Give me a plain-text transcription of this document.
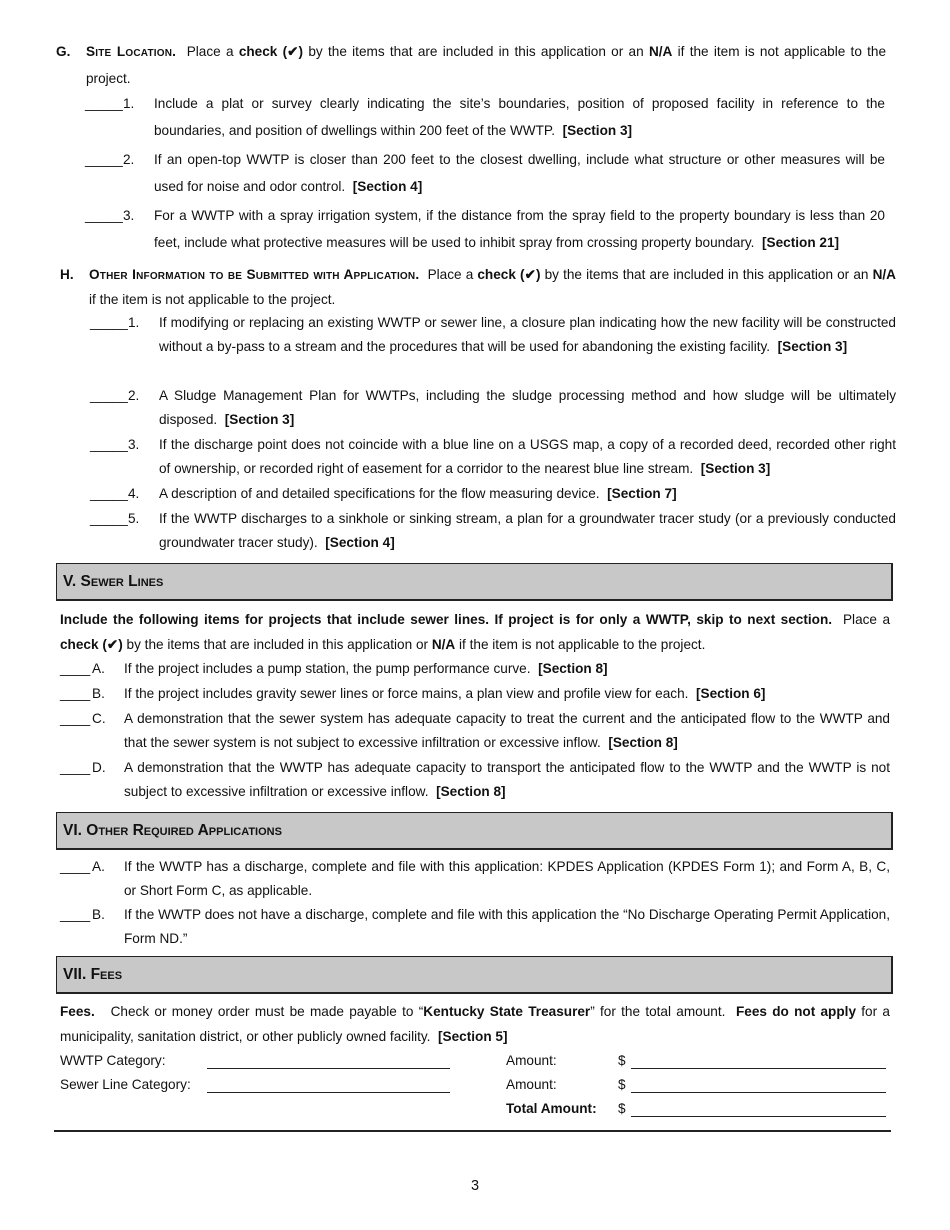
G. Site Location. Place a check (✔) by the items that are included in this application or an N/A if the item is not applicable to the project.
_____ 1. Include a plat or survey clearly indicating the site’s boundaries, position of proposed facility in reference to the boundaries, and position of dwellings within 200 feet of the WWTP. [Section 3]
_____ 2. If an open-top WWTP is closer than 200 feet to the closest dwelling, include what structure or other measures will be used for noise and odor control. [Section 4]
_____ 3. For a WWTP with a spray irrigation system, if the distance from the spray field to the property boundary is less than 20 feet, include what protective measures will be used to inhibit spray from crossing property boundary. [Section 21]
H. Other Information to be Submitted with Application. Place a check (✔) by the items that are included in this application or an N/A if the item is not applicable to the project.
_____ 1. If modifying or replacing an existing WWTP or sewer line, a closure plan indicating how the new facility will be constructed without a by-pass to a stream and the procedures that will be used for abandoning the existing facility. [Section 3]
_____ 2. A Sludge Management Plan for WWTPs, including the sludge processing method and how sludge will be ultimately disposed. [Section 3]
_____ 3. If the discharge point does not coincide with a blue line on a USGS map, a copy of a recorded deed, recorded other right of ownership, or recorded right of easement for a corridor to the nearest blue line stream. [Section 3]
_____ 4. A description of and detailed specifications for the flow measuring device. [Section 7]
_____ 5. If the WWTP discharges to a sinkhole or sinking stream, a plan for a groundwater tracer study (or a previously conducted groundwater tracer study). [Section 4]
V. Sewer Lines
Include the following items for projects that include sewer lines. If project is for only a WWTP, skip to next section. Place a check (✔) by the items that are included in this application or N/A if the item is not applicable to the project.
____ A. If the project includes a pump station, the pump performance curve. [Section 8]
____ B. If the project includes gravity sewer lines or force mains, a plan view and profile view for each. [Section 6]
____ C. A demonstration that the sewer system has adequate capacity to treat the current and the anticipated flow to the WWTP and that the sewer system is not subject to excessive infiltration or excessive inflow. [Section 8]
____ D. A demonstration that the WWTP has adequate capacity to transport the anticipated flow to the WWTP and the WWTP is not subject to excessive infiltration or excessive inflow. [Section 8]
VI. Other Required Applications
____ A. If the WWTP has a discharge, complete and file with this application: KPDES Application (KPDES Form 1); and Form A, B, C, or Short Form C, as applicable.
____ B. If the WWTP does not have a discharge, complete and file with this application the “No Discharge Operating Permit Application, Form ND.”
VII. Fees
Fees. Check or money order must be made payable to “Kentucky State Treasurer” for the total amount. Fees do not apply for a municipality, sanitation district, or other publicly owned facility. [Section 5]
WWTP Category:	Amount:	$
Sewer Line Category:	Amount:	$
Total Amount: $
3
